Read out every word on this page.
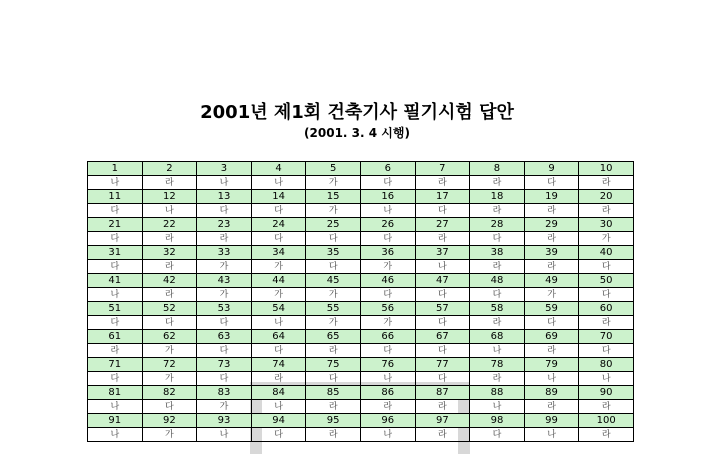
2001년 제1회 건축기사 필기시험 답안
(2001. 3. 4 시행)
1	2	3	4	5	6	7	8	9	10
나	라	나	나	가	다	라	라	다	라
11	12	13	14	15	16	17	18	19	20
다	나	다	다	가	나	다	라	라	라
21	22	23	24	25	26	27	28	29	30
다	라	라	다	다	다	라	다	라	가
31	32	33	34	35	36	37	38	39	40
다	라	가	가	다	가	나	라	라	다
41	42	43	44	45	46	47	48	49	50
나	라	가	가	가	다	다	다	가	다
51	52	53	54	55	56	57	58	59	60
다	다	다	나	가	가	다	라	다	라
61	62	63	64	65	66	67	68	69	70
라	가	다	다	라	다	다	나	라	다
71	72	73	74	75	76	77	78	79	80
다	가	다	라	다	나	다	라	나	나
81	82	83	84	85	86	87	88	89	90
나	다	가	나	라	라	라	나	라	라
91	92	93	94	95	96	97	98	99	100
나	가	나	다	라	나	라	다	나	라
